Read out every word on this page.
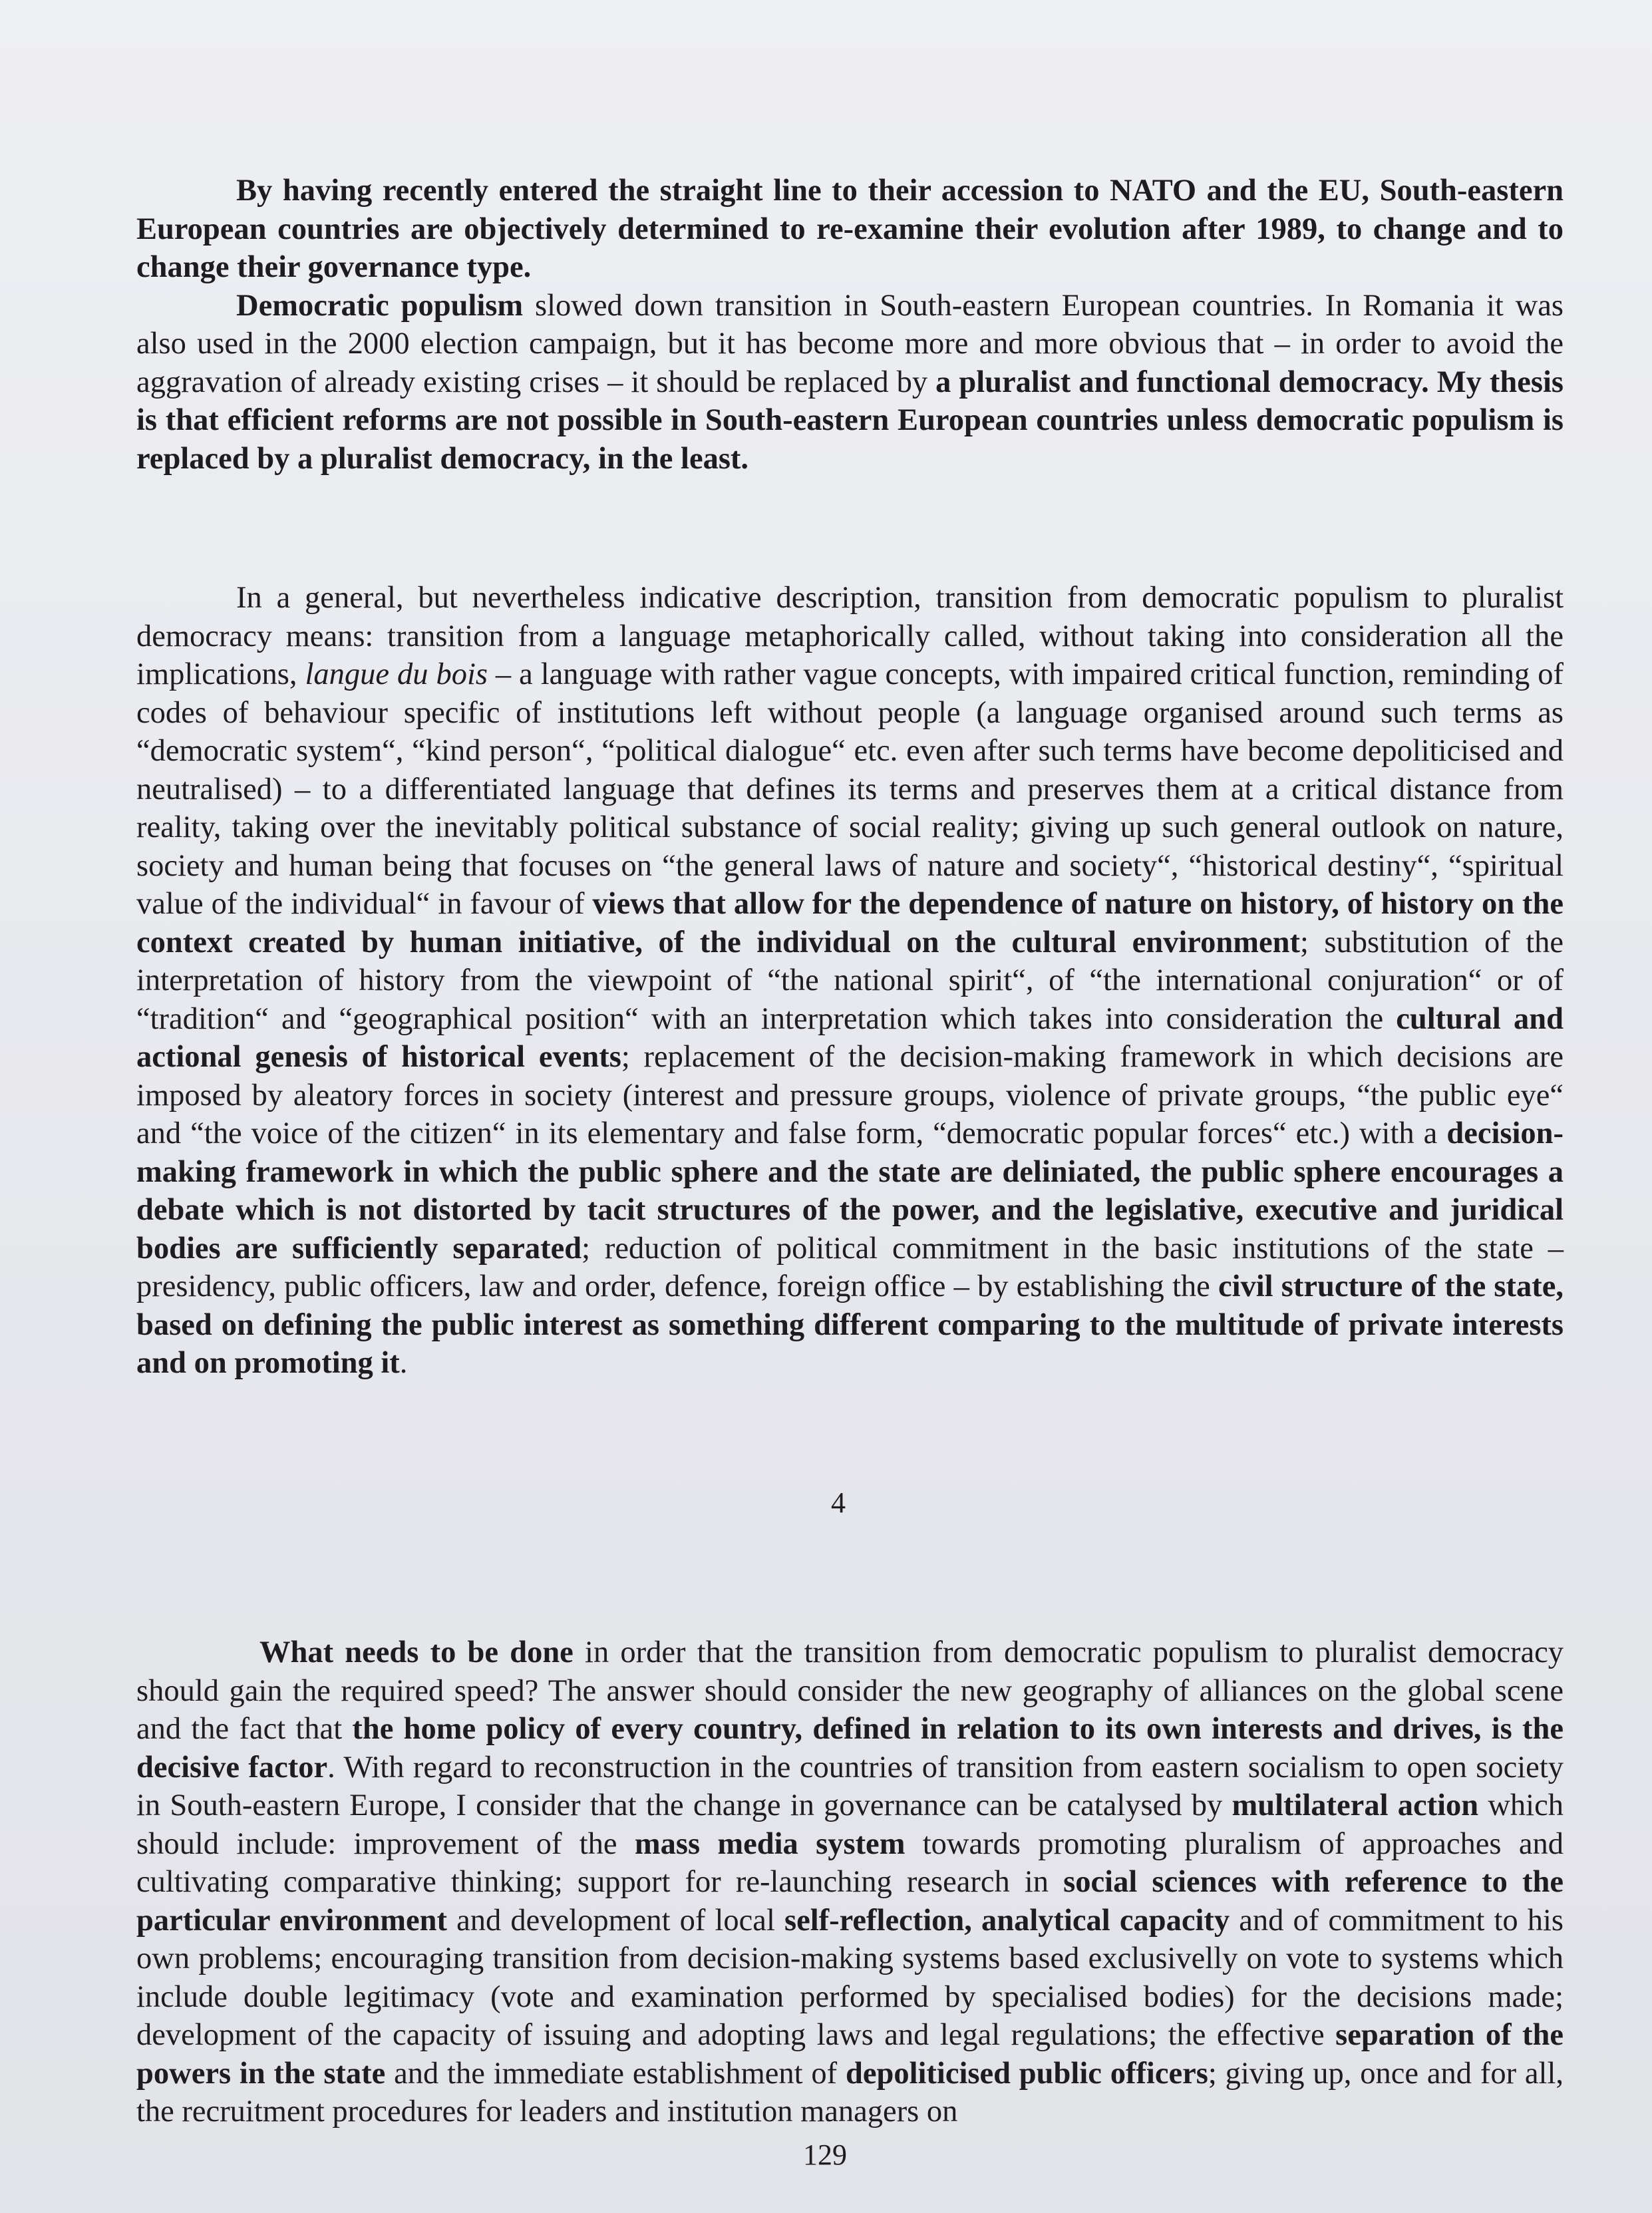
By having recently entered the straight line to their accession to NATO and the EU, South-eastern European countries are objectively determined to re-examine their evolution after 1989, to change and to change their governance type.

Democratic populism slowed down transition in South-eastern European countries. In Romania it was also used in the 2000 election campaign, but it has become more and more obvious that – in order to avoid the aggravation of already existing crises – it should be replaced by a pluralist and functional democracy. My thesis is that efficient reforms are not possible in South-eastern European countries unless democratic populism is replaced by a pluralist democracy, in the least.

In a general, but nevertheless indicative description, transition from democratic populism to pluralist democracy means: transition from a language metaphorically called, without taking into consideration all the implications, langue du bois – a language with rather vague concepts, with impaired critical function, reminding of codes of behaviour specific of institutions left without people (a language organised around such terms as “democratic system“, “kind person“, “political dialogue“ etc. even after such terms have become depoliticised and neutralised) – to a differentiated language that defines its terms and preserves them at a critical distance from reality, taking over the inevitably political substance of social reality; giving up such general outlook on nature, society and human being that focuses on “the general laws of nature and society“, “historical destiny“, “spiritual value of the individual“ in favour of views that allow for the dependence of nature on history, of history on the context created by human initiative, of the individual on the cultural environment; substitution of the interpretation of history from the viewpoint of “the national spirit“, of “the international conjuration“ or of “tradition“ and “geographical position“ with an interpretation which takes into consideration the cultural and actional genesis of historical events; replacement of the decision-making framework in which decisions are imposed by aleatory forces in society (interest and pressure groups, violence of private groups, “the public eye“ and “the voice of the citizen“ in its elementary and false form, “democratic popular forces“ etc.) with a decision-making framework in which the public sphere and the state are deliniated, the public sphere encourages a debate which is not distorted by tacit structures of the power, and the legislative, executive and juridical bodies are sufficiently separated; reduction of political commitment in the basic institutions of the state – presidency, public officers, law and order, defence, foreign office – by establishing the civil structure of the state, based on defining the public interest as something different comparing to the multitude of private interests and on promoting it.

4

What needs to be done in order that the transition from democratic populism to pluralist democracy should gain the required speed? The answer should consider the new geography of alliances on the global scene and the fact that the home policy of every country, defined in relation to its own interests and drives, is the decisive factor. With regard to reconstruction in the countries of transition from eastern socialism to open society in South-eastern Europe, I consider that the change in governance can be catalysed by multilateral action which should include: improvement of the mass media system towards promoting pluralism of approaches and cultivating comparative thinking; support for re-launching research in social sciences with reference to the particular environment and development of local self-reflection, analytical capacity and of commitment to his own problems; encouraging transition from decision-making systems based exclusivelly on vote to systems which include double legitimacy (vote and examination performed by specialised bodies) for the decisions made; development of the capacity of issuing and adopting laws and legal regulations; the effective separation of the powers in the state and the immediate establishment of depoliticised public officers; giving up, once and for all, the recruitment procedures for leaders and institution managers on

129
